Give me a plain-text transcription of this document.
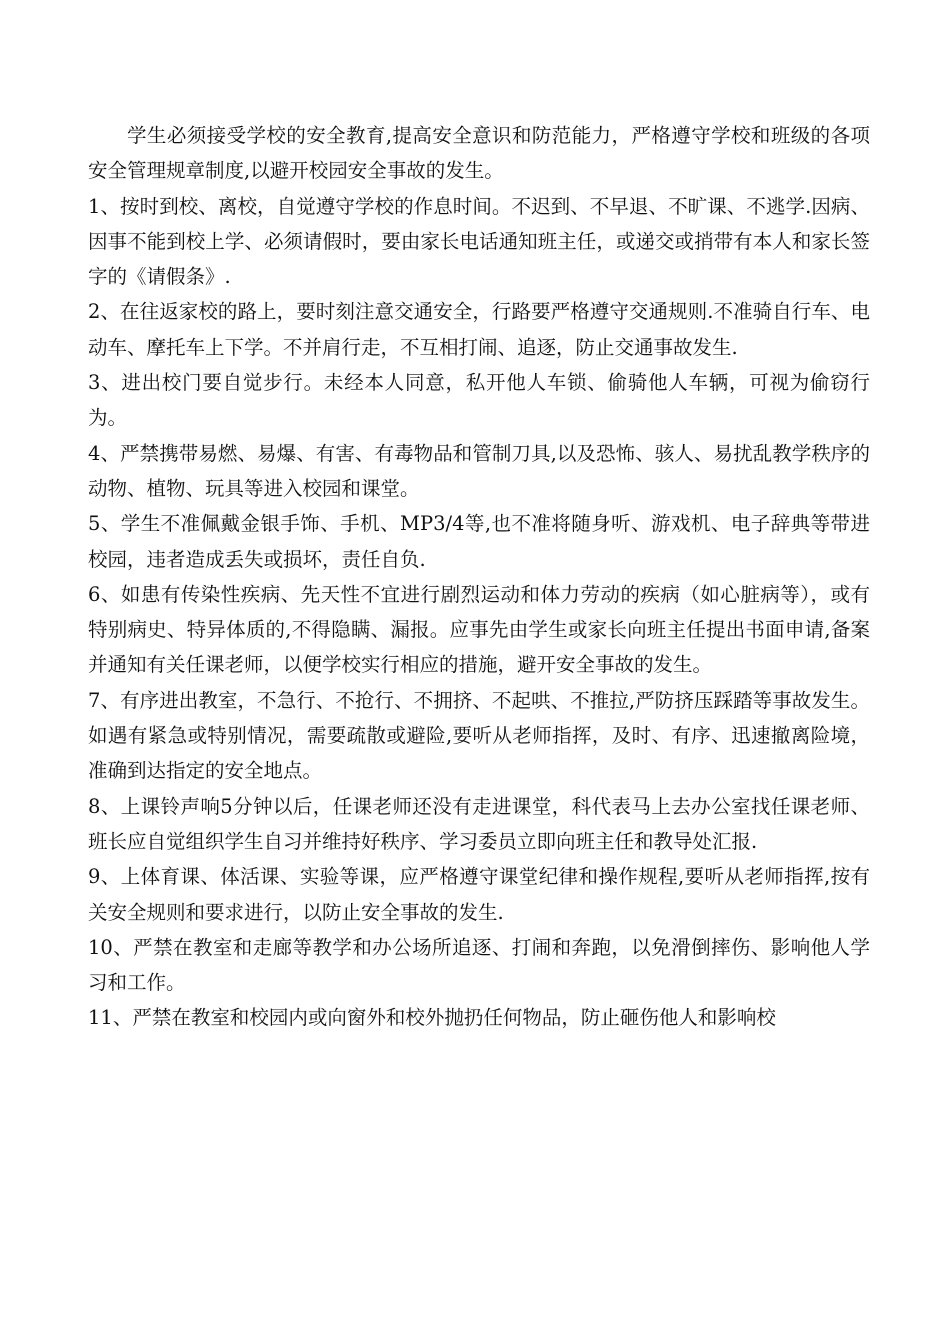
学生必须接受学校的安全教育,提高安全意识和防范能力，严格遵守学校和班级的各项安全管理规章制度,以避开校园安全事故的发生。

1、按时到校、离校，自觉遵守学校的作息时间。不迟到、不早退、不旷课、不逃学.因病、因事不能到校上学、必须请假时，要由家长电话通知班主任，或递交或捎带有本人和家长签字的《请假条》.

2、在往返家校的路上，要时刻注意交通安全，行路要严格遵守交通规则.不准骑自行车、电动车、摩托车上下学。不并肩行走，不互相打闹、追逐，防止交通事故发生.

3、进出校门要自觉步行。未经本人同意，私开他人车锁、偷骑他人车辆，可视为偷窃行为。

4、严禁携带易燃、易爆、有害、有毒物品和管制刀具,以及恐怖、骇人、易扰乱教学秩序的动物、植物、玩具等进入校园和课堂。

5、学生不准佩戴金银手饰、手机、MP3/4等,也不准将随身听、游戏机、电子辞典等带进校园，违者造成丢失或损坏，责任自负.

6、如患有传染性疾病、先天性不宜进行剧烈运动和体力劳动的疾病（如心脏病等），或有特别病史、特异体质的,不得隐瞒、漏报。应事先由学生或家长向班主任提出书面申请,备案并通知有关任课老师，以便学校实行相应的措施，避开安全事故的发生。

7、有序进出教室，不急行、不抢行、不拥挤、不起哄、不推拉,严防挤压踩踏等事故发生。如遇有紧急或特别情况，需要疏散或避险,要听从老师指挥，及时、有序、迅速撤离险境，准确到达指定的安全地点。

8、上课铃声响5分钟以后，任课老师还没有走进课堂，科代表马上去办公室找任课老师、班长应自觉组织学生自习并维持好秩序、学习委员立即向班主任和教导处汇报.

9、上体育课、体活课、实验等课，应严格遵守课堂纪律和操作规程,要听从老师指挥,按有关安全规则和要求进行，以防止安全事故的发生.

10、严禁在教室和走廊等教学和办公场所追逐、打闹和奔跑，以免滑倒摔伤、影响他人学习和工作。

11、严禁在教室和校园内或向窗外和校外抛扔任何物品，防止砸伤他人和影响校
